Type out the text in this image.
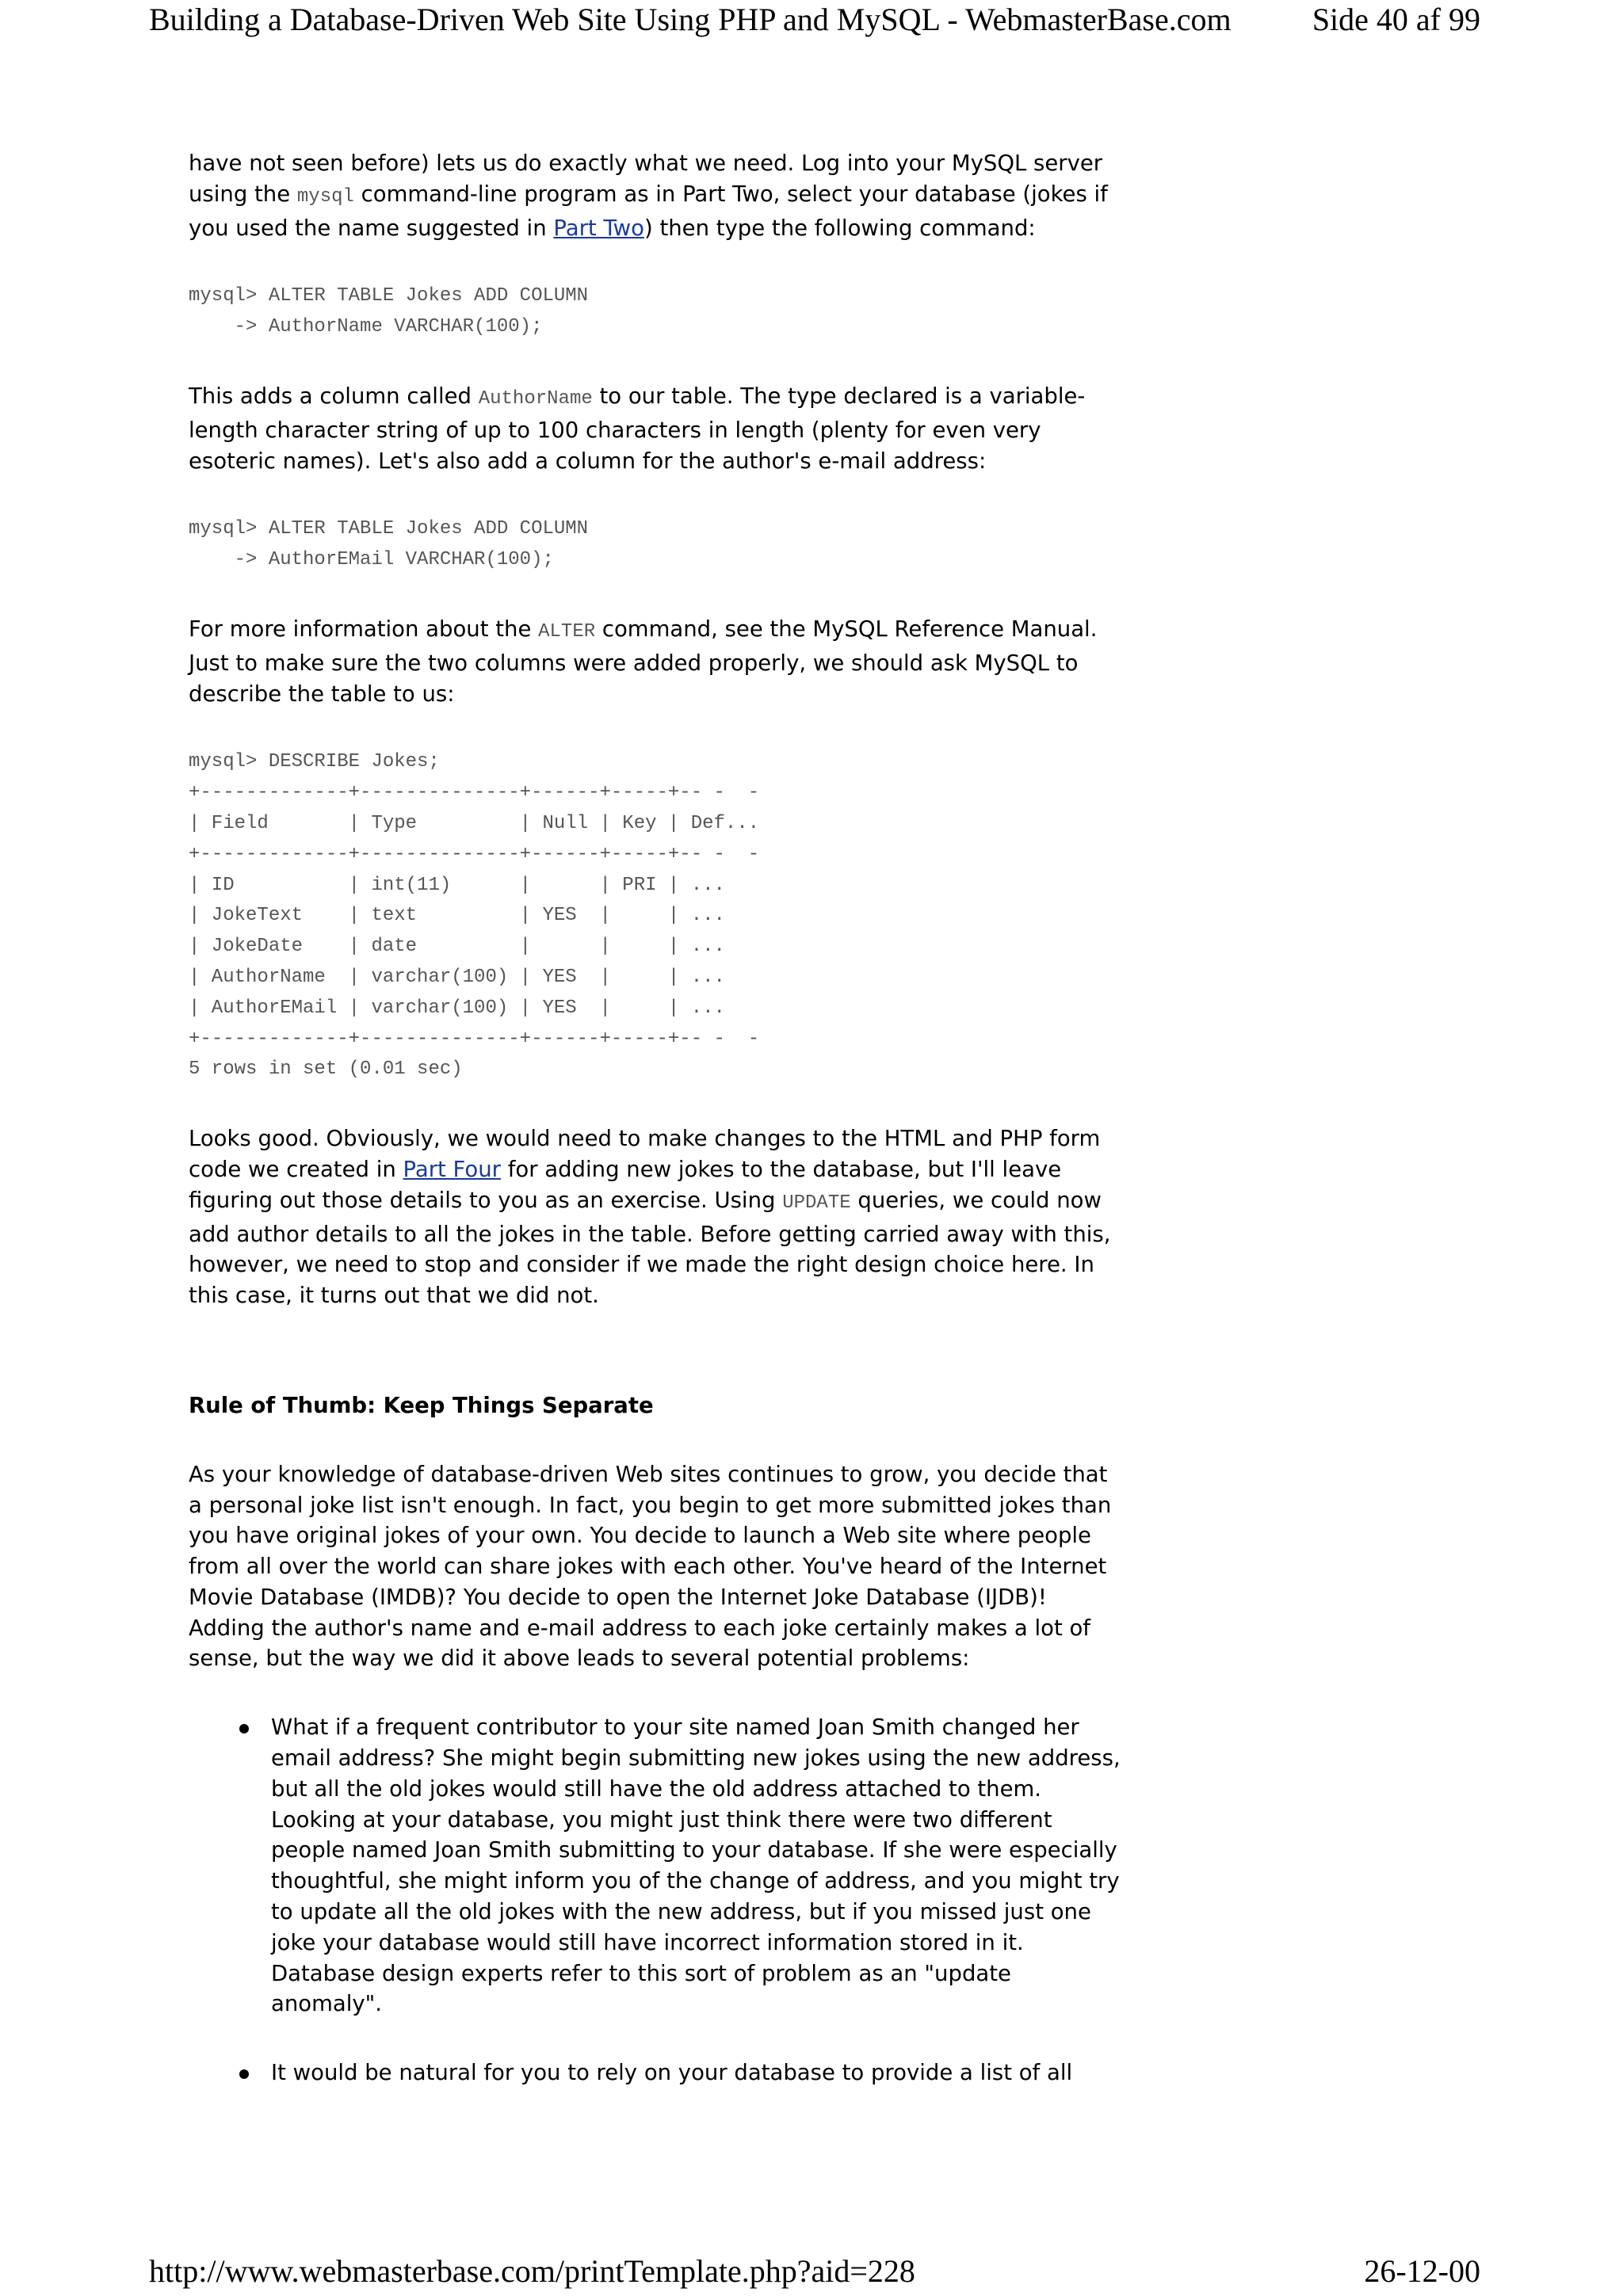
Building a Database-Driven Web Site Using PHP and MySQL - WebmasterBase.com	Side 40 af 99

have not seen before) lets us do exactly what we need. Log into your MySQL server using the mysql command-line program as in Part Two, select your database (jokes if you used the name suggested in Part Two) then type the following command:

mysql> ALTER TABLE Jokes ADD COLUMN
-> AuthorName VARCHAR(100);

This adds a column called AuthorName to our table. The type declared is a variable-length character string of up to 100 characters in length (plenty for even very esoteric names). Let's also add a column for the author's e-mail address:

mysql> ALTER TABLE Jokes ADD COLUMN
-> AuthorEMail VARCHAR(100);

For more information about the ALTER command, see the MySQL Reference Manual. Just to make sure the two columns were added properly, we should ask MySQL to describe the table to us:

mysql> DESCRIBE Jokes;
+-------------+--------------+------+-----+-- -  -
| Field       | Type         | Null | Key | Def...
+-------------+--------------+------+-----+-- -  -
| ID          | int(11)      |      | PRI | ...
| JokeText    | text         | YES  |     | ...
| JokeDate    | date         |      |     | ...
| AuthorName  | varchar(100) | YES  |     | ...
| AuthorEMail | varchar(100) | YES  |     | ...
+-------------+--------------+------+-----+-- -  -
5 rows in set (0.01 sec)

Looks good. Obviously, we would need to make changes to the HTML and PHP form code we created in Part Four for adding new jokes to the database, but I'll leave figuring out those details to you as an exercise. Using UPDATE queries, we could now add author details to all the jokes in the table. Before getting carried away with this, however, we need to stop and consider if we made the right design choice here. In this case, it turns out that we did not.

Rule of Thumb: Keep Things Separate

As your knowledge of database-driven Web sites continues to grow, you decide that a personal joke list isn't enough. In fact, you begin to get more submitted jokes than you have original jokes of your own. You decide to launch a Web site where people from all over the world can share jokes with each other. You've heard of the Internet Movie Database (IMDB)? You decide to open the Internet Joke Database (IJDB)! Adding the author's name and e-mail address to each joke certainly makes a lot of sense, but the way we did it above leads to several potential problems:

What if a frequent contributor to your site named Joan Smith changed her email address? She might begin submitting new jokes using the new address, but all the old jokes would still have the old address attached to them. Looking at your database, you might just think there were two different people named Joan Smith submitting to your database. If she were especially thoughtful, she might inform you of the change of address, and you might try to update all the old jokes with the new address, but if you missed just one joke your database would still have incorrect information stored in it. Database design experts refer to this sort of problem as an "update anomaly".
It would be natural for you to rely on your database to provide a list of all
http://www.webmasterbase.com/printTemplate.php?aid=228	26-12-00
